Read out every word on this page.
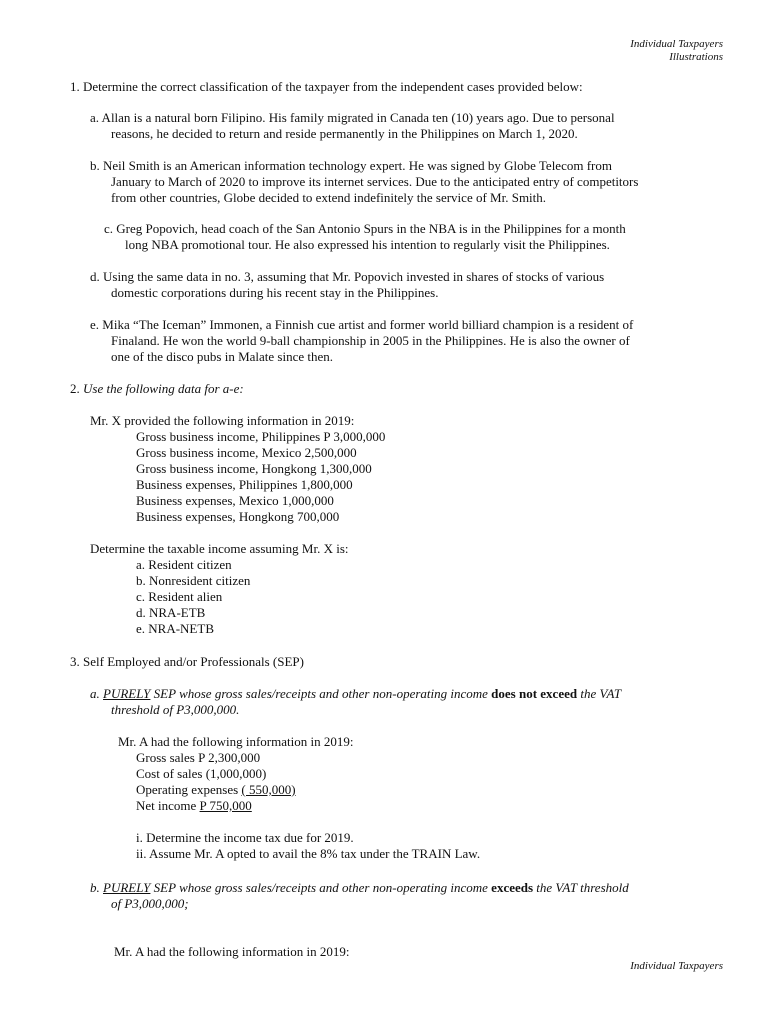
Individual Taxpayers
Illustrations
1. Determine the correct classification of the taxpayer from the independent cases provided below:
a. Allan is a natural born Filipino. His family migrated in Canada ten (10) years ago. Due to personal
reasons, he decided to return and reside permanently in the Philippines on March 1, 2020.
b. Neil Smith is an American information technology expert. He was signed by Globe Telecom from
January to March of 2020 to improve its internet services. Due to the anticipated entry of competitors
from other countries, Globe decided to extend indefinitely the service of Mr. Smith.
c. Greg Popovich, head coach of the San Antonio Spurs in the NBA is in the Philippines for a month
long NBA promotional tour. He also expressed his intention to regularly visit the Philippines.
d. Using the same data in no. 3, assuming that Mr. Popovich invested in shares of stocks of various
domestic corporations during his recent stay in the Philippines.
e. Mika “The Iceman” Immonen, a Finnish cue artist and former world billiard champion is a resident of
Finaland. He won the world 9-ball championship in 2005 in the Philippines. He is also the owner of
one of the disco pubs in Malate since then.
2. Use the following data for a-e:
Mr. X provided the following information in 2019:
Gross business income, Philippines P 3,000,000
Gross business income, Mexico 2,500,000
Gross business income, Hongkong 1,300,000
Business expenses, Philippines 1,800,000
Business expenses, Mexico 1,000,000
Business expenses, Hongkong 700,000
Determine the taxable income assuming Mr. X is:
a. Resident citizen
b. Nonresident citizen
c. Resident alien
d. NRA-ETB
e. NRA-NETB
3. Self Employed and/or Professionals (SEP)
a. PURELY SEP whose gross sales/receipts and other non-operating income does not exceed the VAT
threshold of P3,000,000.
Mr. A had the following information in 2019:
Gross sales P 2,300,000
Cost of sales (1,000,000)
Operating expenses ( 550,000)
Net income P 750,000
i. Determine the income tax due for 2019.
ii. Assume Mr. A opted to avail the 8% tax under the TRAIN Law.
b. PURELY SEP whose gross sales/receipts and other non-operating income exceeds the VAT threshold
of P3,000,000;
Mr. A had the following information in 2019:
Individual Taxpayers
